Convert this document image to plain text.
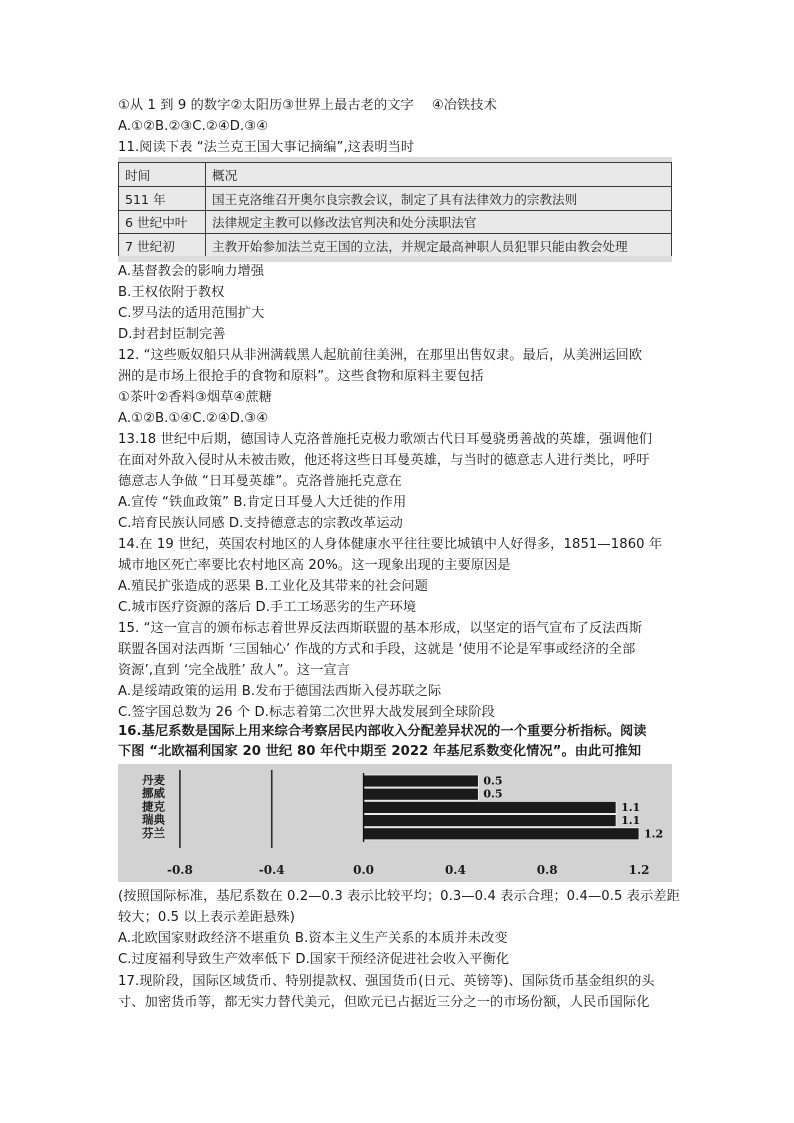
①从 1 到 9 的数字②太阳历③世界上最古老的文字 ④冶铁技术
A.①②B.②③C.②④D.③④
11.阅读下表 “法兰克王国大事记摘编”,这表明当时
时间	概况
511 年	国王克洛维召开奥尔良宗教会议，制定了具有法律效力的宗教法则
6 世纪中叶	法律规定主教可以修改法官判决和处分渎职法官
7 世纪初	主教开始参加法兰克王国的立法，并规定最高神职人员犯罪只能由教会处理
A.基督教会的影响力增强
B.王权依附于教权
C.罗马法的适用范围扩大
D.封君封臣制完善
12. “这些贩奴船只从非洲满载黑人起航前往美洲，在那里出售奴隶。最后，从美洲运回欧
洲的是市场上很抢手的食物和原料”。这些食物和原料主要包括
①茶叶②香料③烟草④蔗糖
A.①②B.①④C.②④D.③④
13.18 世纪中后期，德国诗人克洛普施托克极力歌颂古代日耳曼骁勇善战的英雄，强调他们
在面对外敌入侵时从未被击败，他还将这些日耳曼英雄，与当时的德意志人进行类比，呼吁
德意志人争做 “日耳曼英雄”。克洛普施托克意在
A.宣传 “铁血政策” B.肯定日耳曼人大迁徙的作用
C.培育民族认同感 D.支持德意志的宗教改革运动
14.在 19 世纪，英国农村地区的人身体健康水平往往要比城镇中人好得多，1851—1860 年
城市地区死亡率要比农村地区高 20%。这一现象出现的主要原因是
A.殖民扩张造成的恶果 B.工业化及其带来的社会问题
C.城市医疗资源的落后 D.手工工场恶劣的生产环境
15. “这一宣言的颁布标志着世界反法西斯联盟的基本形成，以坚定的语气宣布了反法西斯
联盟各国对法西斯 ‘三国轴心’ 作战的方式和手段，这就是 ‘使用不论是军事或经济的全部
资源’,直到 ‘完全战胜’ 敌人”。这一宣言
A.是绥靖政策的运用 B.发布于德国法西斯入侵苏联之际
C.签字国总数为 26 个 D.标志着第二次世界大战发展到全球阶段
16.基尼系数是国际上用来综合考察居民内部收入分配差异状况的一个重要分析指标。阅读
下图 “北欧福利国家 20 世纪 80 年代中期至 2022 年基尼系数变化情况”。由此可推知
丹麦
挪威
捷克
瑞典
芬兰
0.5
0.5
1.1
1.1
1.2
-0.8	-0.4	0.0	0.4	0.8	1.2
(按照国际标准，基尼系数在 0.2—0.3 表示比较平均；0.3—0.4 表示合理；0.4—0.5 表示差距
较大；0.5 以上表示差距悬殊)
A.北欧国家财政经济不堪重负 B.资本主义生产关系的本质并未改变
C.过度福利导致生产效率低下 D.国家干预经济促进社会收入平衡化
17.现阶段，国际区域货币、特别提款权、强国货币(日元、英镑等)、国际货币基金组织的头
寸、加密货币等，都无实力替代美元，但欧元已占据近三分之一的市场份额，人民币国际化
